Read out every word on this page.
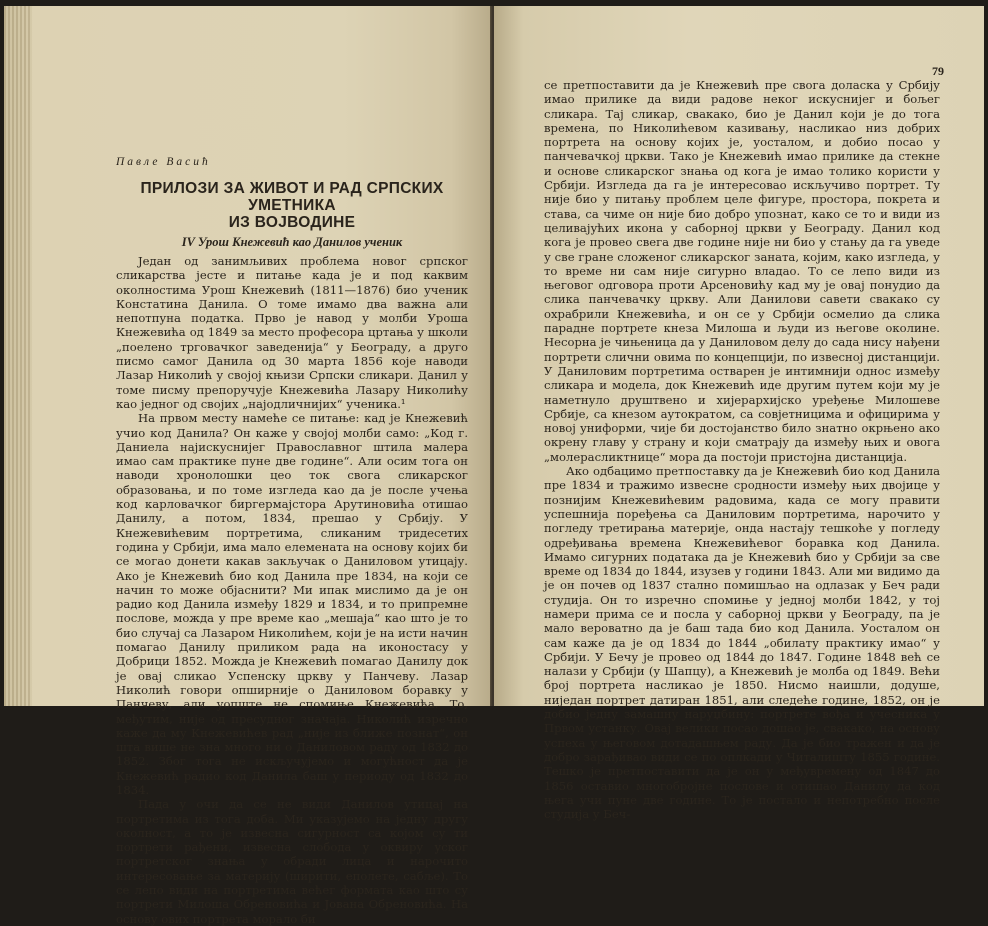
Павле Васић
ПРИЛОЗИ ЗА ЖИВОТ И РАД СРПСКИХ УМЕТНИКА
ИЗ ВОЈВОДИНЕ
IV Урош Кнежевић као Данилов ученик

Један од занимљивих проблема новог српског сликарства јесте и питање када је и под каквим околностима Урош Кнежевић (1811—1876) био ученик Констатина Данила. О томе имамо два важна али непотпуна податка. Прво је навод у молби Уроша Кнежевића од 1849 за место професора цртања у школи „поелено трговачког заведенија“ у Београду, а друго писмо самог Данила од 30 марта 1856 које наводи Лазар Николић у својој књизи Српски сликари. Данил у томе писму препоручује Кнежевића Лазару Николићу као једног од својих „најодличнијих“ ученика.¹

На првом месту намеће се питање: кад је Кнежевић учио код Данила? Он каже у својој молби само: „Код г. Даниела најискуснијег Православног штила малера имао сам практике пуне две године“. Али осим тога он наводи хронолошки цео ток свога сликарског образовања, и по томе изгледа као да је после учења код карловачког биргермајстора Арутиновића отишао Данилу, а потом, 1834, прешао у Србију. У Кнежевићевим портретима, сликаним тридесетих година у Србији, има мало елемената на основу којих би се могао донети какав закључак о Даниловом утицају. Ако је Кнежевић био код Данила пре 1834, на који се начин то може објаснити? Ми ипак мислимо да је он радио код Данила између 1829 и 1834, и то припремне послове, можда у пре време као „мешаја“ као што је то био случај са Лазаром Николићем, који је на исти начин помагао Данилу приликом рада на иконостасу у Добрици 1852. Можда је Кнежевић помагао Данилу док је овај сликао Успенску цркву у Панчеву. Лазар Николић говори опширније о Даниловом боравку у Панчеву, али уопште не спомиње Кнежевића. То, међутим, није од пресудног значаја. Николић изречно каже да му Кнежевићев рад „није из ближе познат“, он шта више не зна много ни о Даниловом раду од 1832 до 1852. Због тога не искључујемо и могућност да је Кнежевић радио код Данила баш у периоду од 1832 до 1834.

Пада у очи да се не види Данилов утицај на портретима из тога доба. Ми указујемо на једну другу околност, а то је извесна сигурност са којом су ти портрети рађени, извесна слобода у оквиру уског портретског знања у обради лица и нарочито интересовање за материју (ширити, еполете, сабље). То се лепо види на портретима већег формата као што су портрети Милоша Обреновића и Јована Обреновића. На основу ових портрета морало би

79

се претпоставити да је Кнежевић пре свога доласка у Србију имао прилике да види радове неког искуснијег и бољег сликара. Тај сликар, свакако, био је Данил који је до тога времена, по Николићевом казивању, насликао низ добрих портрета на основу којих је, уосталом, и добио посао у панчевачкој цркви. Тако је Кнежевић имао прилике да стекне и основе сликарског знања од кога је имао толико користи у Србији. Изгледа да га је интересовао искључиво портрет. Ту није био у питању проблем целе фигуре, простора, покрета и става, са чиме он није био добро упознат, како се то и види из целивајућих икона у саборној цркви у Београду. Данил код кога је провео свега две године није ни био у стању да га уведе у све гране сложеног сликарског заната, којим, како изгледа, у то време ни сам није сигурно владао. То се лепо види из његовог одговора проти Арсеновићу кад му је овај понудио да слика панчевачку цркву. Али Данилови савети свакако су охрабрили Кнежевића, и он се у Србији осмелио да слика парадне портрете кнеза Милоша и људи из његове околине. Несорна је чињеница да у Даниловом делу до сада нису нађени портрети слични овима по концепцији, по извесној дистанцији. У Даниловим портретима остварен је интимнији однос између сликара и модела, док Кнежевић иде другим путем који му је наметнуло друштвено и хијерархијско уређење Милошеве Србије, са кнезом аутократом, са совјетницима и официрима у новој униформи, чије би достојанство било знатно окрњено ако окрену главу у страну и који сматрају да између њих и овога „молерасликтнице“ мора да постоји пристојна дистанција.

Ако одбацимо претпоставку да је Кнежевић био код Данила пре 1834 и тражимо извесне сродности између њих двојице у познијим Кнежевићевим радовима, када се могу правити успешнија поређења са Даниловим портретима, нарочито у погледу третирања материје, онда настају тешкоће у погледу одређивања времена Кнежевићевог боравка код Данила. Имамо сигурних података да је Кнежевић био у Србији за све време од 1834 до 1844, изузев у години 1843. Али ми видимо да је он почев од 1837 стално помишљао на одлазак у Беч ради студија. Он то изречно спомиње у једној молби 1842, у тој намери прима се и посла у саборној цркви у Београду, па је мало вероватно да је баш тада био код Данила. Уосталом он сам каже да је од 1834 до 1844 „обилату практику имао“ у Србији. У Бечу је провео од 1844 до 1847. Године 1848 већ се налази у Србији (у Шапцу), а Кнежевић је молба од 1849. Већи број портрета насликао је 1850. Нисмо наишли, додуше, ниједан портрет датиран 1851, али следеће године, 1852, он је добио једну замашну наруџбину: портрете вођа и учесника у Првом устанку. Овај велики посао дошао је, свакако, на основу успеха у његовом дотадашњем раду. Да је био тражен и да је добро зарађивао види се по оплкади у Читалишту 1855 године. Тешко је претпоставити да је он у међувремену од 1847 до 1856 оставио многобројне послове и отишао Данилу да код њега учи пуне две године. То је постало и непотребно после студија у Беч-
